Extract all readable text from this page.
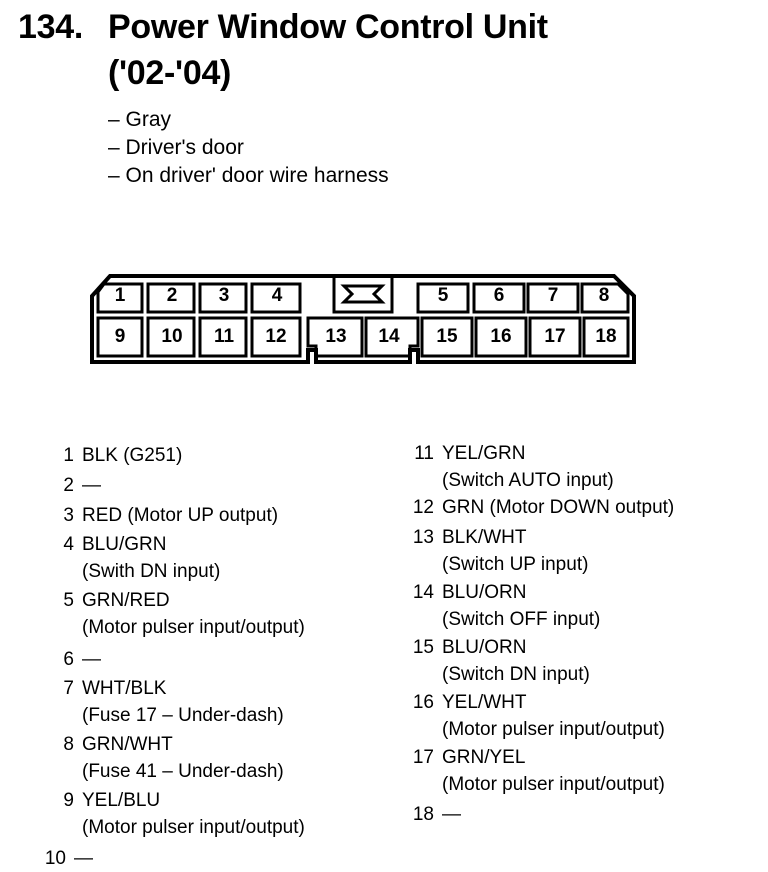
134. Power Window Control Unit
('02-'04)
– Gray
– Driver's door
– On driver' door wire harness
1	2	3	4	5	6	7	8
9	10	11	12	13	14	15	16	17	18
1 BLK (G251)
2 —
3 RED (Motor UP output)
4 BLU/GRN
(Swith DN input)
5 GRN/RED
(Motor pulser input/output)
6 —
7 WHT/BLK
(Fuse 17 – Under-dash)
8 GRN/WHT
(Fuse 41 – Under-dash)
9 YEL/BLU
(Motor pulser input/output)
10 —
11 YEL/GRN
(Switch AUTO input)
12 GRN (Motor DOWN output)
13 BLK/WHT
(Switch UP input)
14 BLU/ORN
(Switch OFF input)
15 BLU/ORN
(Switch DN input)
16 YEL/WHT
(Motor pulser input/output)
17 GRN/YEL
(Motor pulser input/output)
18 —
